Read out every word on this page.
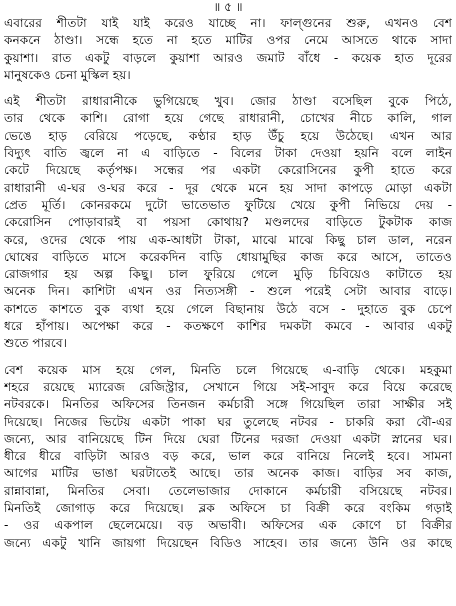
॥ ৫ ॥
এবারের শীতটা যাই যাই করেও যাচ্ছে না। ফাল্গুনের শুরু, এখনও বেশ
কনকনে ঠাণ্ডা। সন্ধে হতে না হতে মাটির ওপর নেমে আসতে থাকে সাদা
কুয়াশা। রাত একটু বাড়লে কুয়াশা আরও জমাট বাঁধে - কয়েক হাত দূরের
মানুষকেও চেনা মুস্কিল হয়।
এই শীতটা রাধারানীকে ভুগিয়েছে খুব। জোর ঠাণ্ডা বসেছিল বুকে পিঠে,
তার থেকে কাশি। রোগা হয়ে গেছে রাধারানী, চোখের নীচে কালি, গাল
ভেঙে হাড় বেরিয়ে পড়েছে, কণ্ঠার হাড় উঁচু হয়ে উঠেছে। এখন আর
বিদ্যুৎ বাতি জ্বলে না এ বাড়িতে - বিলের টাকা দেওয়া হয়নি বলে লাইন
কেটে দিয়েছে কর্তৃপক্ষ। সন্ধের পর একটা কেরোসিনের কুপী হাতে করে
রাধারানী এ-ঘর ও-ঘর করে - দূর থেকে মনে হয় সাদা কাপড়ে মোড়া একটা
প্রেত মূর্তি। কোনরকমে দুটো ভাতেভাত ফুটিয়ে খেয়ে কুপী নিভিয়ে দেয় -
কেরোসিন পোড়াবারই বা পয়সা কোথায়? মণ্ডলদের বাড়িতে টুকটাক কাজ
করে, ওদের থেকে পায় এক-আধটা টাকা, মাঝে মাঝে কিছু চাল ডাল, নরেন
ঘোষের বাড়িতে মাসে করেকদিন বাড়ি ধোয়ামুছির কাজ করে আসে, তাতেও
রোজগার হয় অল্প কিছু। চাল ফুরিয়ে গেলে মুড়ি চিবিয়েও কাটাতে হয়
অনেক দিন। কাশিটা এখন ওর নিত্যসঙ্গী - শুলে পরেই সেটা আবার বাড়ে।
কাশতে কাশতে বুক ব্যথা হয়ে গেলে বিছানায় উঠে বসে - দুহাতে বুক চেপে
ধরে হাঁপায়। অপেক্ষা করে - কতক্ষণে কাশির দমকটা কমবে - আবার একটু
শুতে পারবে।
বেশ কয়েক মাস হয়ে গেল, মিনতি চলে গিয়েছে এ-বাড়ি থেকে। মহকুমা
শহরে রয়েছে ম্যারেজ রেজিস্ট্রার, সেখানে গিয়ে সই-সাবুদ করে বিয়ে করেছে
নটবরকে। মিনতির অফিসের তিনজন কর্মচারী সঙ্গে গিয়েছিল তারা সাক্ষীর সই
দিয়েছে। নিজের ভিটেয় একটা পাকা ঘর তুলেছে নটবর - চাকরি করা বৌ-এর
জন্যে, আর বানিয়েছে টিন দিয়ে ঘেরা টিনের দরজা দেওয়া একটা স্নানের ঘর।
ধীরে ধীরে বাড়িটা আরও বড় করে, ভাল করে বানিয়ে নিলেই হবে। সামনা
আগের মাটির ভাঙা ঘরটাতেই আছে। তার অনেক কাজ। বাড়ির সব কাজ,
রান্নাবান্না, মিনতির সেবা। তেলেভাজার দোকানে কর্মচারী বসিয়েছে নটবর।
মিনতিই জোগাড় করে দিয়েছে। ব্লক অফিসে চা বিক্রী করে বংকিম গড়াই
- ওর একপাল ছেলেমেয়ে। বড় অভাবী। অফিসের এক কোণে চা বিক্রীর
জন্যে একটু খানি জায়গা দিয়েছেন বিডিও সাহেব। তার জন্যে উনি ওর কাছে
